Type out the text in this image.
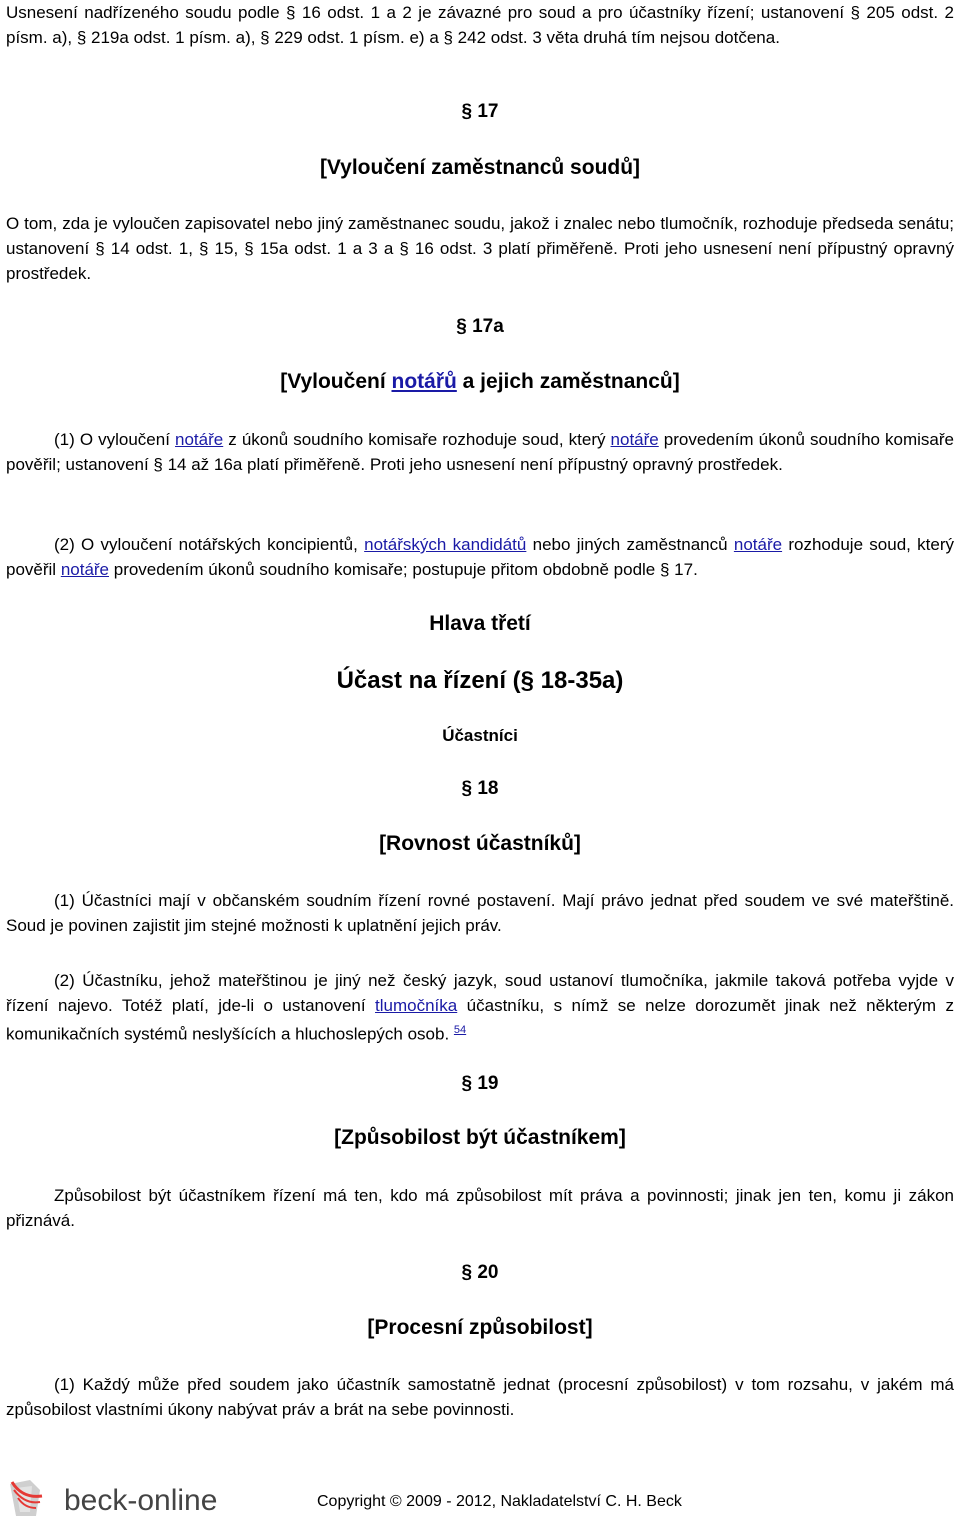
Usnesení nadřízeného soudu podle § 16 odst. 1 a 2 je závazné pro soud a pro účastníky řízení; ustanovení § 205 odst. 2 písm. a), § 219a odst. 1 písm. a), § 229 odst. 1 písm. e) a § 242 odst. 3 věta druhá tím nejsou dotčena.

§ 17
[Vyloučení zaměstnanců soudů]

O tom, zda je vyloučen zapisovatel nebo jiný zaměstnanec soudu, jakož i znalec nebo tlumočník, rozhoduje předseda senátu; ustanovení § 14 odst. 1, § 15, § 15a odst. 1 a 3 a § 16 odst. 3 platí přiměřeně. Proti jeho usnesení není přípustný opravný prostředek.

§ 17a
[Vyloučení notářů a jejich zaměstnanců]

(1) O vyloučení notáře z úkonů soudního komisaře rozhoduje soud, který notáře provedením úkonů soudního komisaře pověřil; ustanovení § 14 až 16a platí přiměřeně. Proti jeho usnesení není přípustný opravný prostředek.

(2) O vyloučení notářských koncipientů, notářských kandidátů nebo jiných zaměstnanců notáře rozhoduje soud, který pověřil notáře provedením úkonů soudního komisaře; postupuje přitom obdobně podle § 17.

Hlava třetí
Účast na řízení (§ 18-35a)
Účastníci
§ 18
[Rovnost účastníků]

(1) Účastníci mají v občanském soudním řízení rovné postavení. Mají právo jednat před soudem ve své mateřštině. Soud je povinen zajistit jim stejné možnosti k uplatnění jejich práv.

(2) Účastníku, jehož mateřštinou je jiný než český jazyk, soud ustanoví tlumočníka, jakmile taková potřeba vyjde v řízení najevo. Totéž platí, jde-li o ustanovení tlumočníka účastníku, s nímž se nelze dorozumět jinak než některým z komunikačních systémů neslyšících a hluchoslepých osob. $^{54}$

§ 19
[Způsobilost být účastníkem]

Způsobilost být účastníkem řízení má ten, kdo má způsobilost mít práva a povinnosti; jinak jen ten, komu ji zákon přiznává.

§ 20
[Procesní způsobilost]

(1) Každý může před soudem jako účastník samostatně jednat (procesní způsobilost) v tom rozsahu, v jakém má způsobilost vlastními úkony nabývat práv a brát na sebe povinnosti.

beck-online	Copyright © 2009 - 2012, Nakladatelství C. H. Beck
